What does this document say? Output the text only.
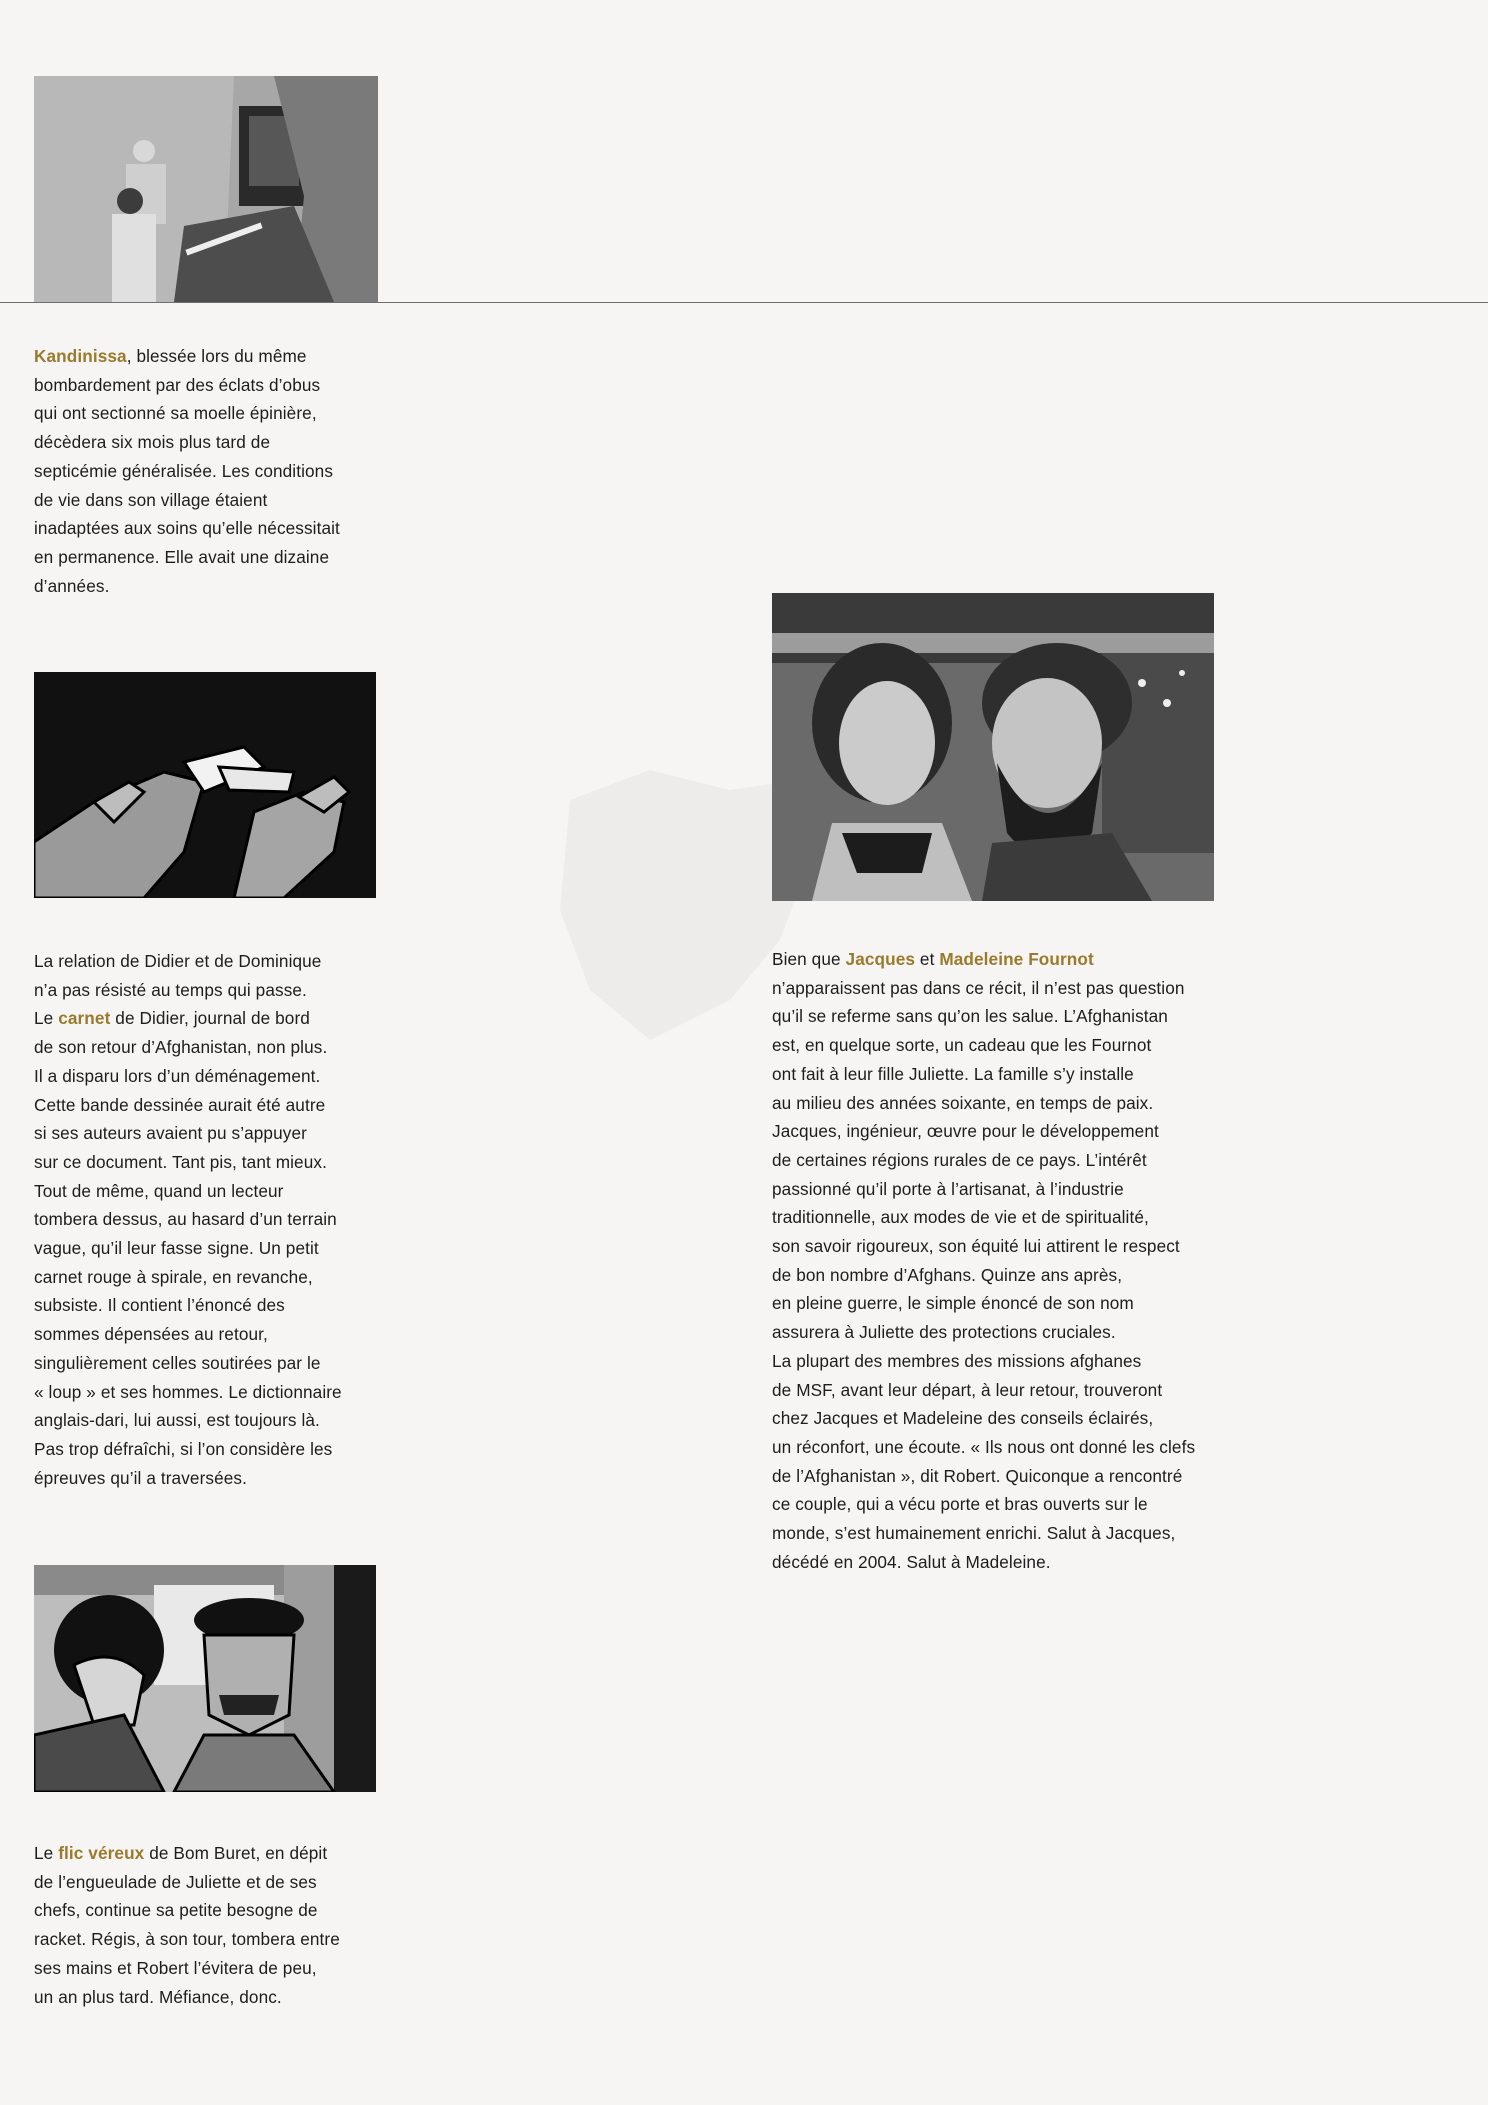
Kandinissa, blessée lors du même
bombardement par des éclats d’obus
qui ont sectionné sa moelle épinière,
décèdera six mois plus tard de
septicémie généralisée. Les conditions
de vie dans son village étaient
inadaptées aux soins qu’elle nécessitait
en permanence. Elle avait une dizaine
d’années.
La relation de Didier et de Dominique
n’a pas résisté au temps qui passe.
Le carnet de Didier, journal de bord
de son retour d’Afghanistan, non plus.
Il a disparu lors d’un déménagement.
Cette bande dessinée aurait été autre
si ses auteurs avaient pu s’appuyer
sur ce document. Tant pis, tant mieux.
Tout de même, quand un lecteur
tombera dessus, au hasard d’un terrain
vague, qu’il leur fasse signe. Un petit
carnet rouge à spirale, en revanche,
subsiste. Il contient l’énoncé des
sommes dépensées au retour,
singulièrement celles soutirées par le
« loup » et ses hommes. Le dictionnaire
anglais-dari, lui aussi, est toujours là.
Pas trop défraîchi, si l’on considère les
épreuves qu’il a traversées.
Le flic véreux de Bom Buret, en dépit
de l’engueulade de Juliette et de ses
chefs, continue sa petite besogne de
racket. Régis, à son tour, tombera entre
ses mains et Robert l’évitera de peu,
un an plus tard. Méfiance, donc.
Bien que Jacques et Madeleine Fournot
n’apparaissent pas dans ce récit, il n’est pas question
qu’il se referme sans qu’on les salue. L’Afghanistan
est, en quelque sorte, un cadeau que les Fournot
ont fait à leur fille Juliette. La famille s’y installe
au milieu des années soixante, en temps de paix.
Jacques, ingénieur, œuvre pour le développement
de certaines régions rurales de ce pays. L’intérêt
passionné qu’il porte à l’artisanat, à l’industrie
traditionnelle, aux modes de vie et de spiritualité,
son savoir rigoureux, son équité lui attirent le respect
de bon nombre d’Afghans. Quinze ans après,
en pleine guerre, le simple énoncé de son nom
assurera à Juliette des protections cruciales.
La plupart des membres des missions afghanes
de MSF, avant leur départ, à leur retour, trouveront
chez Jacques et Madeleine des conseils éclairés,
un réconfort, une écoute. « Ils nous ont donné les clefs
de l’Afghanistan », dit Robert. Quiconque a rencontré
ce couple, qui a vécu porte et bras ouverts sur le
monde, s’est humainement enrichi. Salut à Jacques,
décédé en 2004. Salut à Madeleine.
